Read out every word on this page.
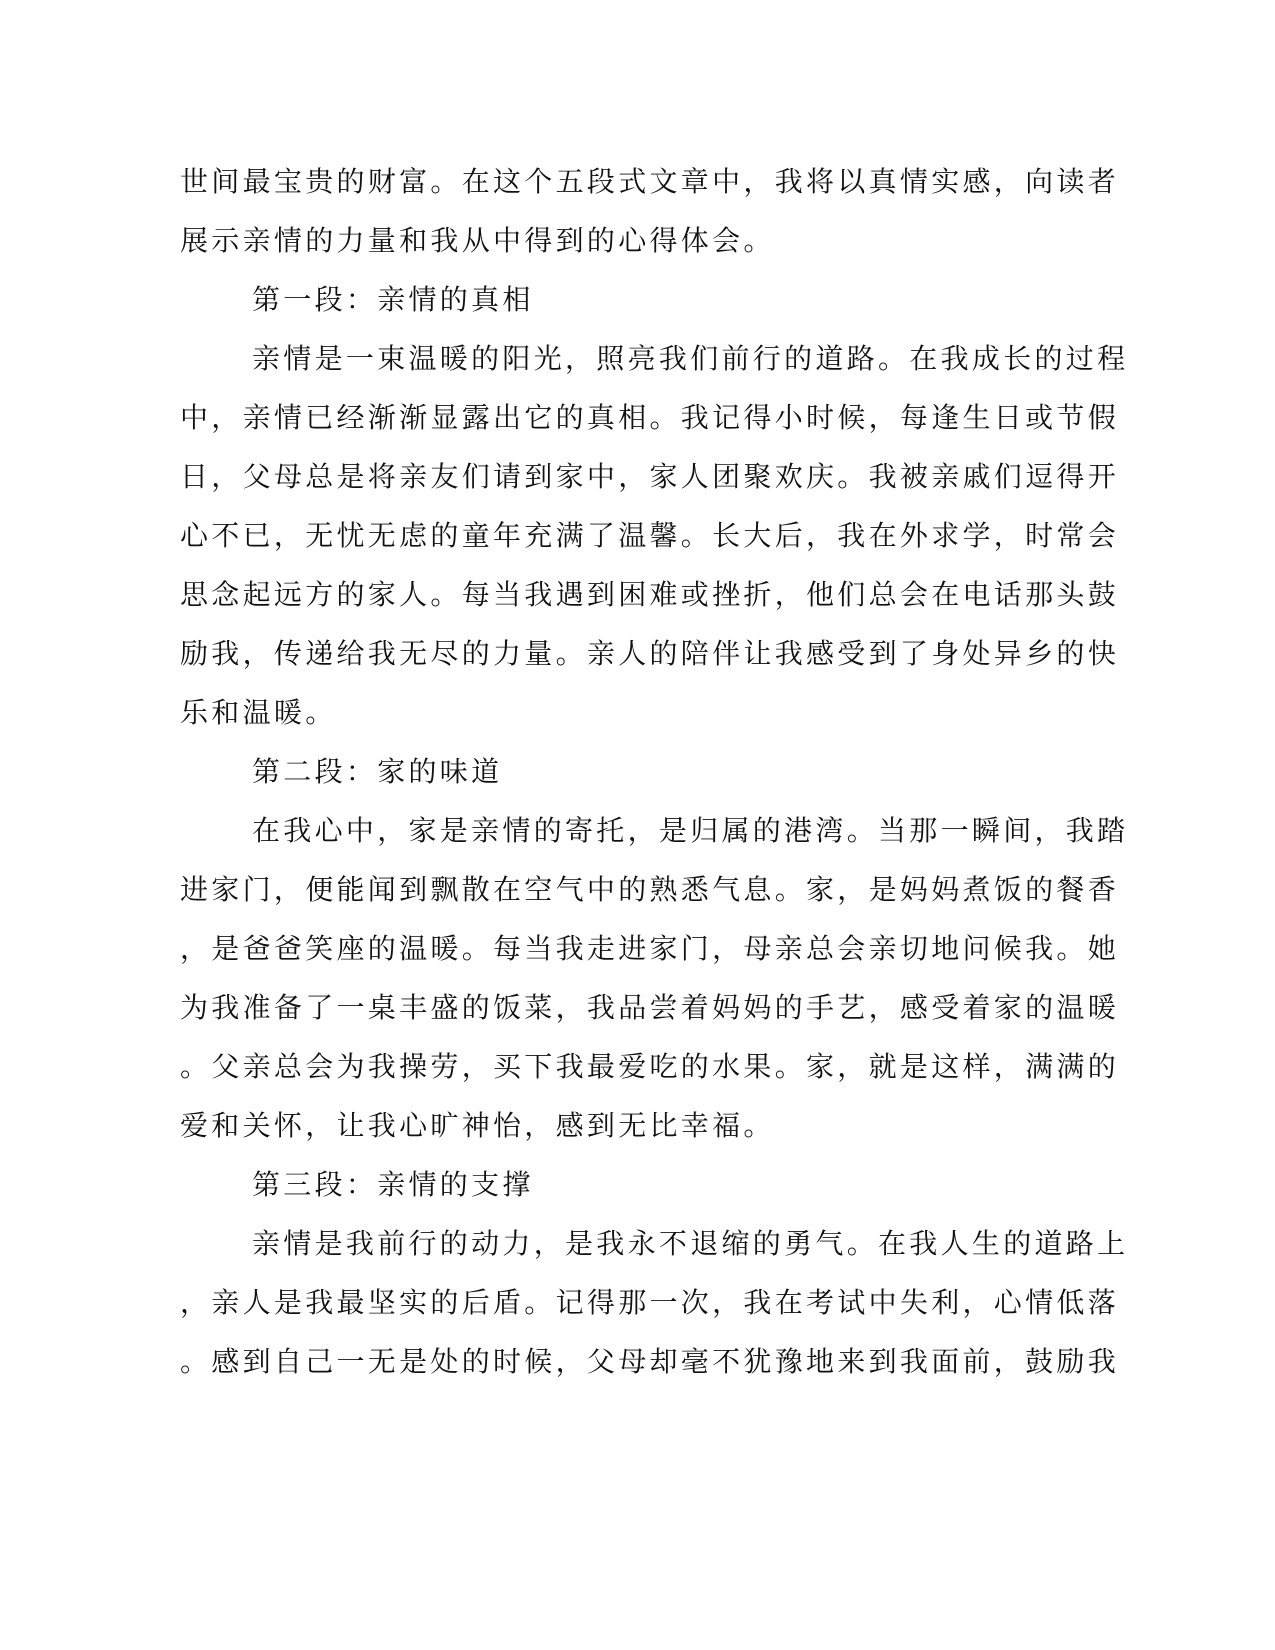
世间最宝贵的财富。在这个五段式文章中，我将以真情实感，向读者
展示亲情的力量和我从中得到的心得体会。
第一段：亲情的真相
亲情是一束温暖的阳光，照亮我们前行的道路。在我成长的过程
中，亲情已经渐渐显露出它的真相。我记得小时候，每逢生日或节假
日，父母总是将亲友们请到家中，家人团聚欢庆。我被亲戚们逗得开
心不已，无忧无虑的童年充满了温馨。长大后，我在外求学，时常会
思念起远方的家人。每当我遇到困难或挫折，他们总会在电话那头鼓
励我，传递给我无尽的力量。亲人的陪伴让我感受到了身处异乡的快
乐和温暖。
第二段：家的味道
在我心中，家是亲情的寄托，是归属的港湾。当那一瞬间，我踏
进家门，便能闻到飘散在空气中的熟悉气息。家，是妈妈煮饭的餐香
，是爸爸笑座的温暖。每当我走进家门，母亲总会亲切地问候我。她
为我准备了一桌丰盛的饭菜，我品尝着妈妈的手艺，感受着家的温暖
。父亲总会为我操劳，买下我最爱吃的水果。家，就是这样，满满的
爱和关怀，让我心旷神怡，感到无比幸福。
第三段：亲情的支撑
亲情是我前行的动力，是我永不退缩的勇气。在我人生的道路上
，亲人是我最坚实的后盾。记得那一次，我在考试中失利，心情低落
。感到自己一无是处的时候，父母却毫不犹豫地来到我面前，鼓励我
